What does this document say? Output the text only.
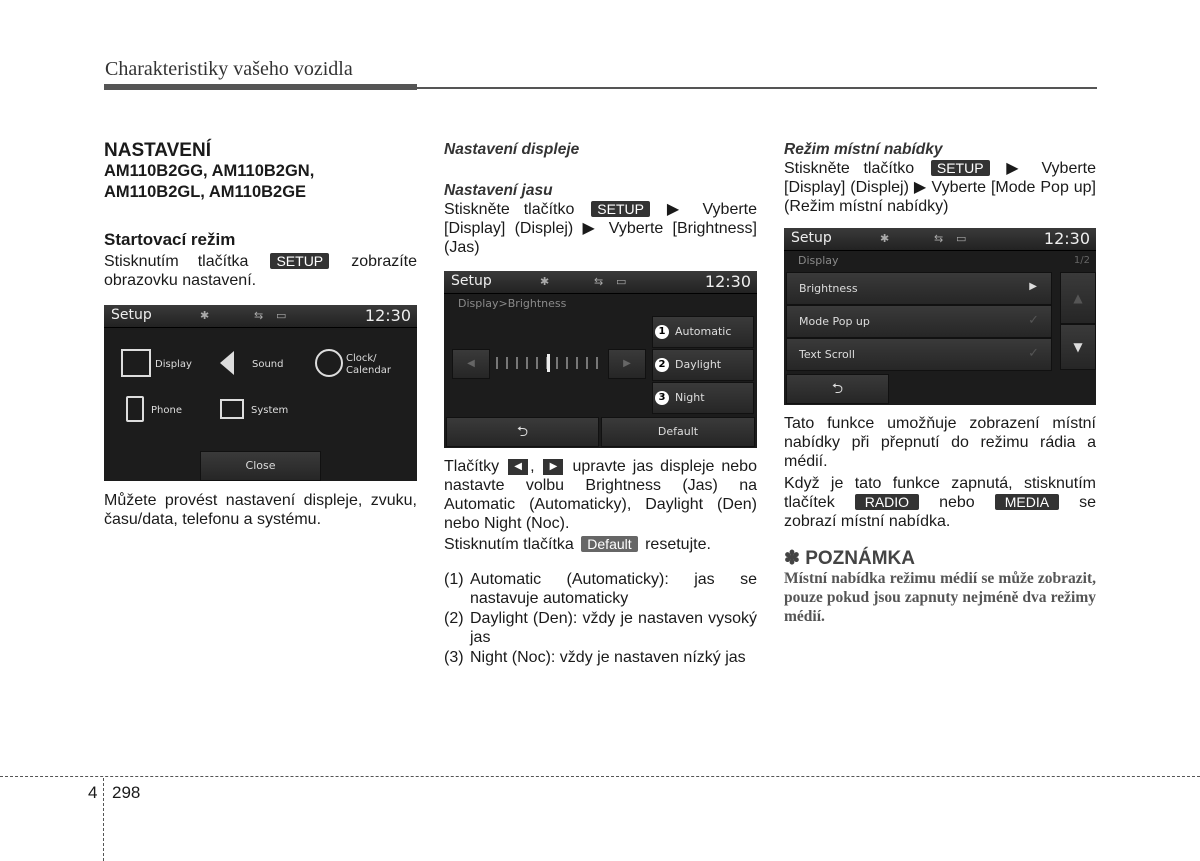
Charakteristiky vašeho vozidla
NASTAVENÍ
AM110B2GG, AM110B2GN,
AM110B2GL, AM110B2GE
Startovací režim
Stisknutím tlačítka SETUP zobrazíte obrazovku nastavení.
Setup	✱	⇆ ▭	12:30
Display	Sound
Clock/
Calendar
Phone	System
Close
Můžete provést nastavení displeje, zvuku, času/data, telefonu a systému.
Nastavení displeje
Nastavení jasu
Stiskněte tlačítko SETUP ▶ Vyberte [Display] (Displej) ▶ Vyberte [Brightness] (Jas)
Setup	✱	⇆ ▭	12:30
Display>Brightness
◀	▶
1 Automatic
2 Daylight
3 Night
⮌	Default
Tlačítky ◀ , ▶ upravte jas displeje nebo nastavte volbu Brightness (Jas) na Automatic (Automaticky), Daylight (Den) nebo Night (Noc).
Stisknutím tlačítka Default resetujte.
(1) Automatic (Automaticky): jas se nastavuje automaticky
(2) Daylight (Den): vždy je nastaven vysoký jas
(3) Night (Noc): vždy je nastaven nízký jas
Režim místní nabídky
Stiskněte tlačítko SETUP ▶ Vyberte [Display] (Displej) ▶ Vyberte [Mode Pop up] (Režim místní nabídky)
Setup	✱	⇆ ▭	12:30
Display	1/2
Brightness	▶
Mode Pop up	✓
Text Scroll	✓
▲
▼
⮌
Tato funkce umožňuje zobrazení místní nabídky při přepnutí do režimu rádia a médií.
Když je tato funkce zapnutá, stisknutím tlačítek RADIO nebo MEDIA se zobrazí místní nabídka.
✽ POZNÁMKA
Místní nabídka režimu médií se může zobrazit, pouze pokud jsou zapnuty nejméně dva režimy médií.
4 298
